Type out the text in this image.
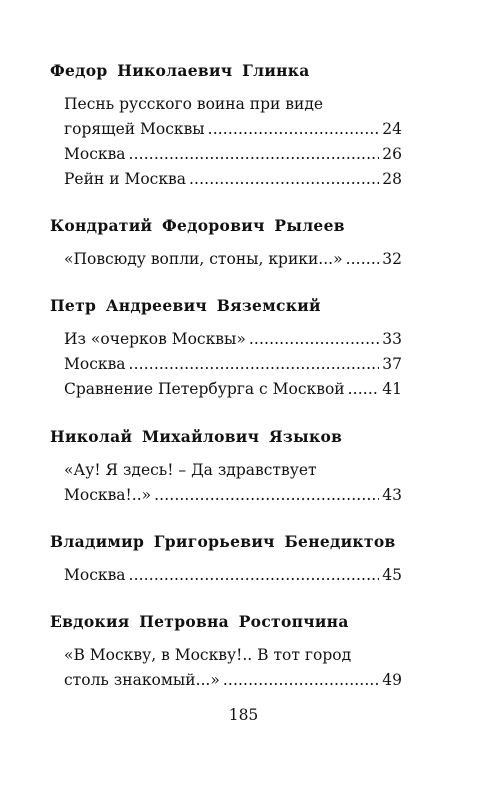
Федор Николаевич Глинка
Песнь русского воина при виде
горящей Москвы . . .	24
Москва . . .	26
Рейн и Москва . . .	28
Кондратий Федорович Рылеев
«Повсюду вопли, стоны, крики...» . . .	32
Петр Андреевич Вяземский
Из «очерков Москвы» . . .	33
Москва . . .	37
Сравнение Петербурга с Москвой . . . 41
Николай Михайлович Языков
«Ау! Я здесь! – Да здравствует
Москва!..» . . .	43
Владимир Григорьевич Бенедиктов
Москва . . .	45
Евдокия Петровна Ростопчина
«В Москву, в Москву!.. В тот город
столь знакомый...» . . .	49
185
